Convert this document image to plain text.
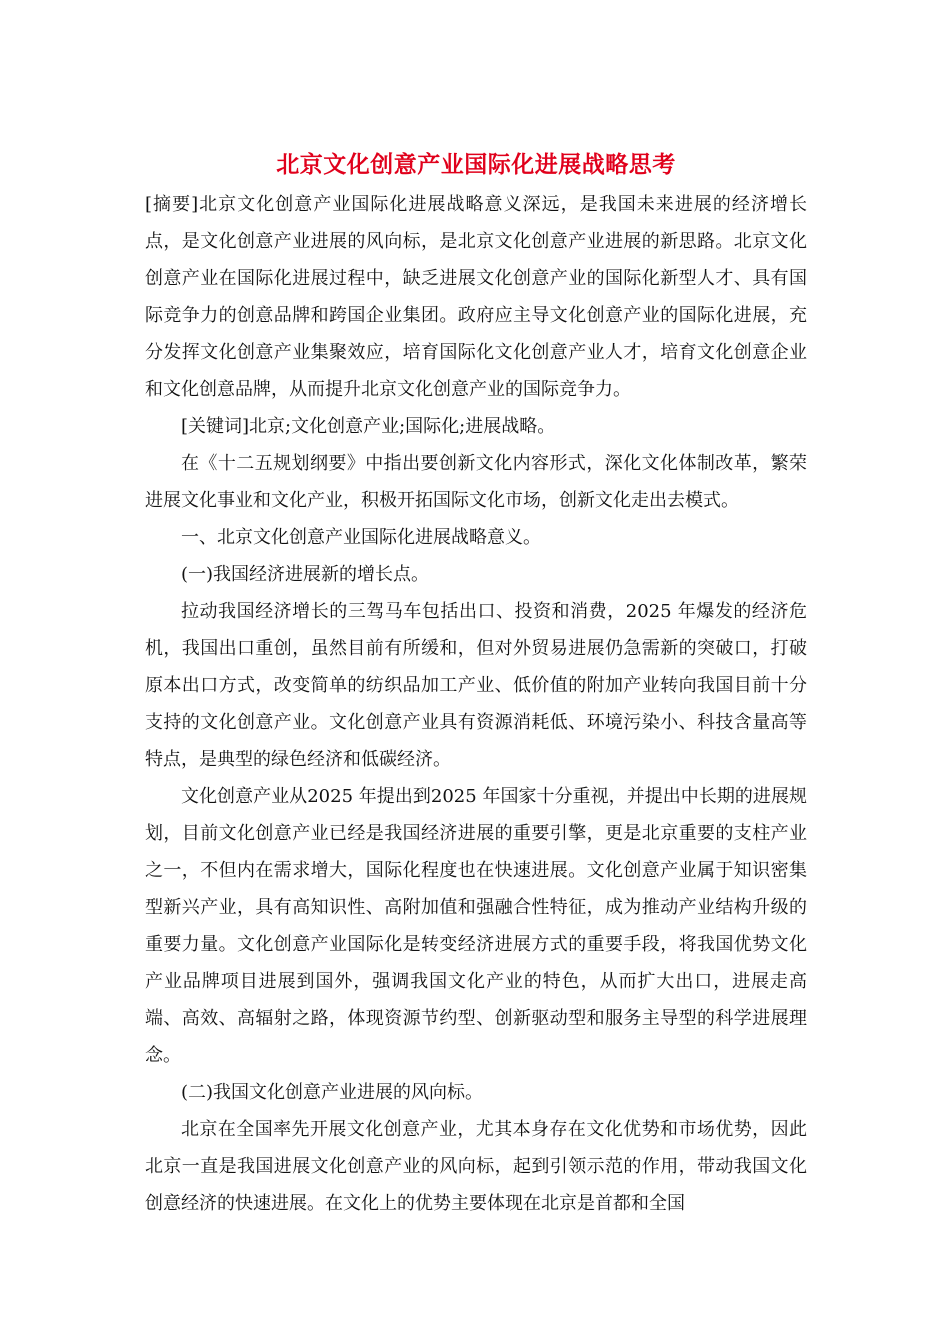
北京文化创意产业国际化进展战略思考

[摘要]北京文化创意产业国际化进展战略意义深远，是我国未来进展的经济增长点，是文化创意产业进展的风向标，是北京文化创意产业进展的新思路。北京文化创意产业在国际化进展过程中，缺乏进展文化创意产业的国际化新型人才、具有国际竞争力的创意品牌和跨国企业集团。政府应主导文化创意产业的国际化进展，充分发挥文化创意产业集聚效应，培育国际化文化创意产业人才，培育文化创意企业和文化创意品牌，从而提升北京文化创意产业的国际竞争力。

[关键词]北京;文化创意产业;国际化;进展战略。

在《十二五规划纲要》中指出要创新文化内容形式，深化文化体制改革，繁荣进展文化事业和文化产业，积极开拓国际文化市场，创新文化走出去模式。

一、北京文化创意产业国际化进展战略意义。

(一)我国经济进展新的增长点。

拉动我国经济增长的三驾马车包括出口、投资和消费，2025 年爆发的经济危机，我国出口重创，虽然目前有所缓和，但对外贸易进展仍急需新的突破口，打破原本出口方式，改变简单的纺织品加工产业、低价值的附加产业转向我国目前十分支持的文化创意产业。文化创意产业具有资源消耗低、环境污染小、科技含量高等特点，是典型的绿色经济和低碳经济。

文化创意产业从2025 年提出到2025 年国家十分重视，并提出中长期的进展规划，目前文化创意产业已经是我国经济进展的重要引擎，更是北京重要的支柱产业之一，不但内在需求增大，国际化程度也在快速进展。文化创意产业属于知识密集型新兴产业，具有高知识性、高附加值和强融合性特征，成为推动产业结构升级的重要力量。文化创意产业国际化是转变经济进展方式的重要手段，将我国优势文化产业品牌项目进展到国外，强调我国文化产业的特色，从而扩大出口，进展走高端、高效、高辐射之路，体现资源节约型、创新驱动型和服务主导型的科学进展理念。

(二)我国文化创意产业进展的风向标。

北京在全国率先开展文化创意产业，尤其本身存在文化优势和市场优势，因此北京一直是我国进展文化创意产业的风向标，起到引领示范的作用，带动我国文化创意经济的快速进展。在文化上的优势主要体现在北京是首都和全国
